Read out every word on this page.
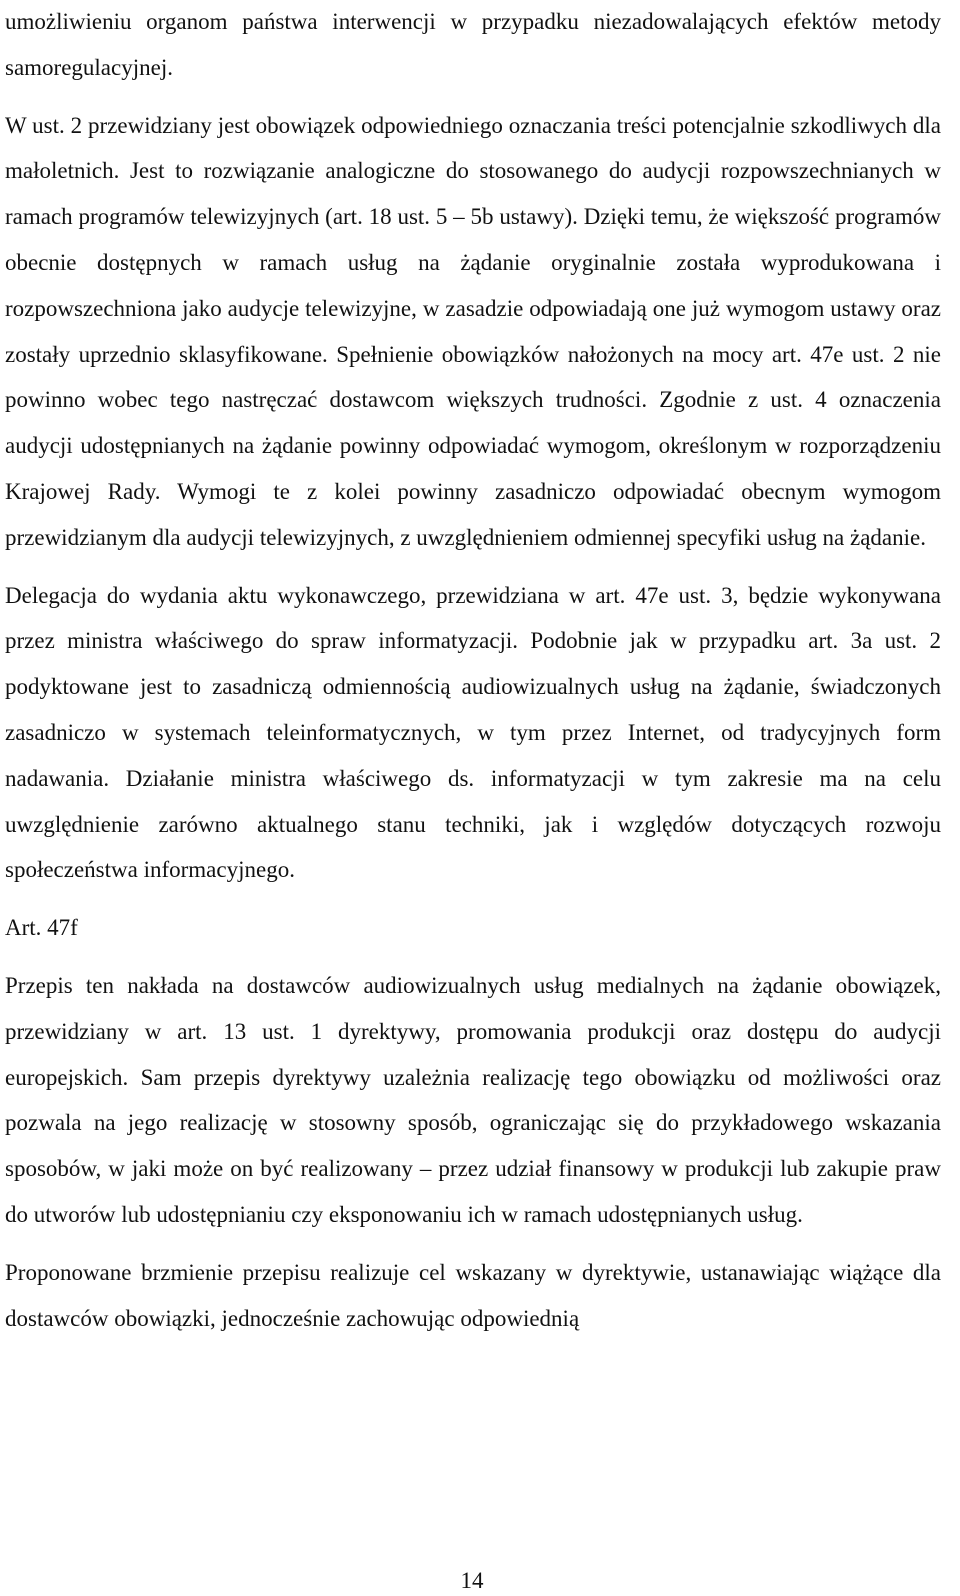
umożliwieniu organom państwa interwencji w przypadku niezadowalających efektów metody samoregulacyjnej.

W ust. 2 przewidziany jest obowiązek odpowiedniego oznaczania treści potencjalnie szkodliwych dla małoletnich. Jest to rozwiązanie analogiczne do stosowanego do audycji rozpowszechnianych w ramach programów telewizyjnych (art. 18 ust. 5 – 5b ustawy). Dzięki temu, że większość programów obecnie dostępnych w ramach usług na żądanie oryginalnie została wyprodukowana i rozpowszechniona jako audycje telewizyjne, w zasadzie odpowiadają one już wymogom ustawy oraz zostały uprzednio sklasyfikowane. Spełnienie obowiązków nałożonych na mocy art. 47e ust. 2 nie powinno wobec tego nastręczać dostawcom większych trudności. Zgodnie z ust. 4 oznaczenia audycji udostępnianych na żądanie powinny odpowiadać wymogom, określonym w rozporządzeniu Krajowej Rady. Wymogi te z kolei powinny zasadniczo odpowiadać obecnym wymogom przewidzianym dla audycji telewizyjnych, z uwzględnieniem odmiennej specyfiki usług na żądanie.

Delegacja do wydania aktu wykonawczego, przewidziana w art. 47e ust. 3, będzie wykonywana przez ministra właściwego do spraw informatyzacji. Podobnie jak w przypadku art. 3a ust. 2 podyktowane jest to zasadniczą odmiennością audiowizualnych usług na żądanie, świadczonych zasadniczo w systemach teleinformatycznych, w tym przez Internet, od tradycyjnych form nadawania. Działanie ministra właściwego ds. informatyzacji w tym zakresie ma na celu uwzględnienie zarówno aktualnego stanu techniki, jak i względów dotyczących rozwoju społeczeństwa informacyjnego.

Art. 47f

Przepis ten nakłada na dostawców audiowizualnych usług medialnych na żądanie obowiązek, przewidziany w art. 13 ust. 1 dyrektywy, promowania produkcji oraz dostępu do audycji europejskich. Sam przepis dyrektywy uzależnia realizację tego obowiązku od możliwości oraz pozwala na jego realizację w stosowny sposób, ograniczając się do przykładowego wskazania sposobów, w jaki może on być realizowany – przez udział finansowy w produkcji lub zakupie praw do utworów lub udostępnianiu czy eksponowaniu ich w ramach udostępnianych usług.

Proponowane brzmienie przepisu realizuje cel wskazany w dyrektywie, ustanawiając wiążące dla dostawców obowiązki, jednocześnie zachowując odpowiednią

14
